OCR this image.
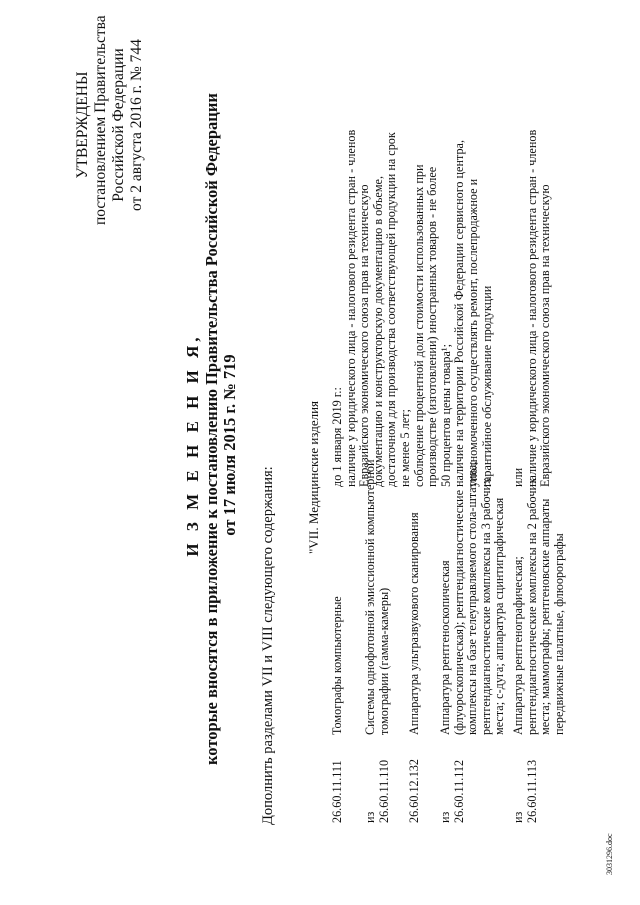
УТВЕРЖДЕНЫ постановлением Правительства Российской Федерации от 2 августа 2016 г. № 744
И З М Е Н Е Н И Я, которые вносятся в приложение к постановлению Правительства Российской Федерации от 17 июля 2015 г. № 719
Дополнить разделами VII и VIII следующего содержания: "VII. Медицинские изделия
26.60.11.111
Томографы компьютерные
до 1 января 2019 г.: наличие у юридического лица - налогового резидента стран - членов Евразийского экономического союза прав на техническую документацию и конструкторскую документацию в объеме, достаточном для производства соответствующей продукции на срок не менее 5 лет; соблюдение процентной доли стоимости использованных при производстве (изготовлении) иностранных товаров - не более 50 процентов цены товара¹; наличие на территории Российской Федерации сервисного центра, уполномоченного осуществлять ремонт, послепродажное и гарантийное обслуживание продукции
из 26.60.11.110
Системы однофотонной эмиссионной компьютерной томографии (гамма-камеры)
26.60.12.132
Аппаратура ультразвукового сканирования
из 26.60.11.112
Аппаратура рентгеноскопическая (флуороскопическая); рентгендиагностические комплексы на базе телеуправляемого стола-штатива; рентгендиагностические комплексы на 3 рабочих места; с-дуга; аппаратура сцинтиграфическая
из 26.60.11.113
Аппаратура рентгенографическая; рентгендиагностические комплексы на 2 рабочих места; маммографы; рентгеновские аппараты передвижные палатные, флюорографы
или наличие у юридического лица - налогового резидента стран - членов Евразийского экономического союза прав на техническую
3031296.doc
